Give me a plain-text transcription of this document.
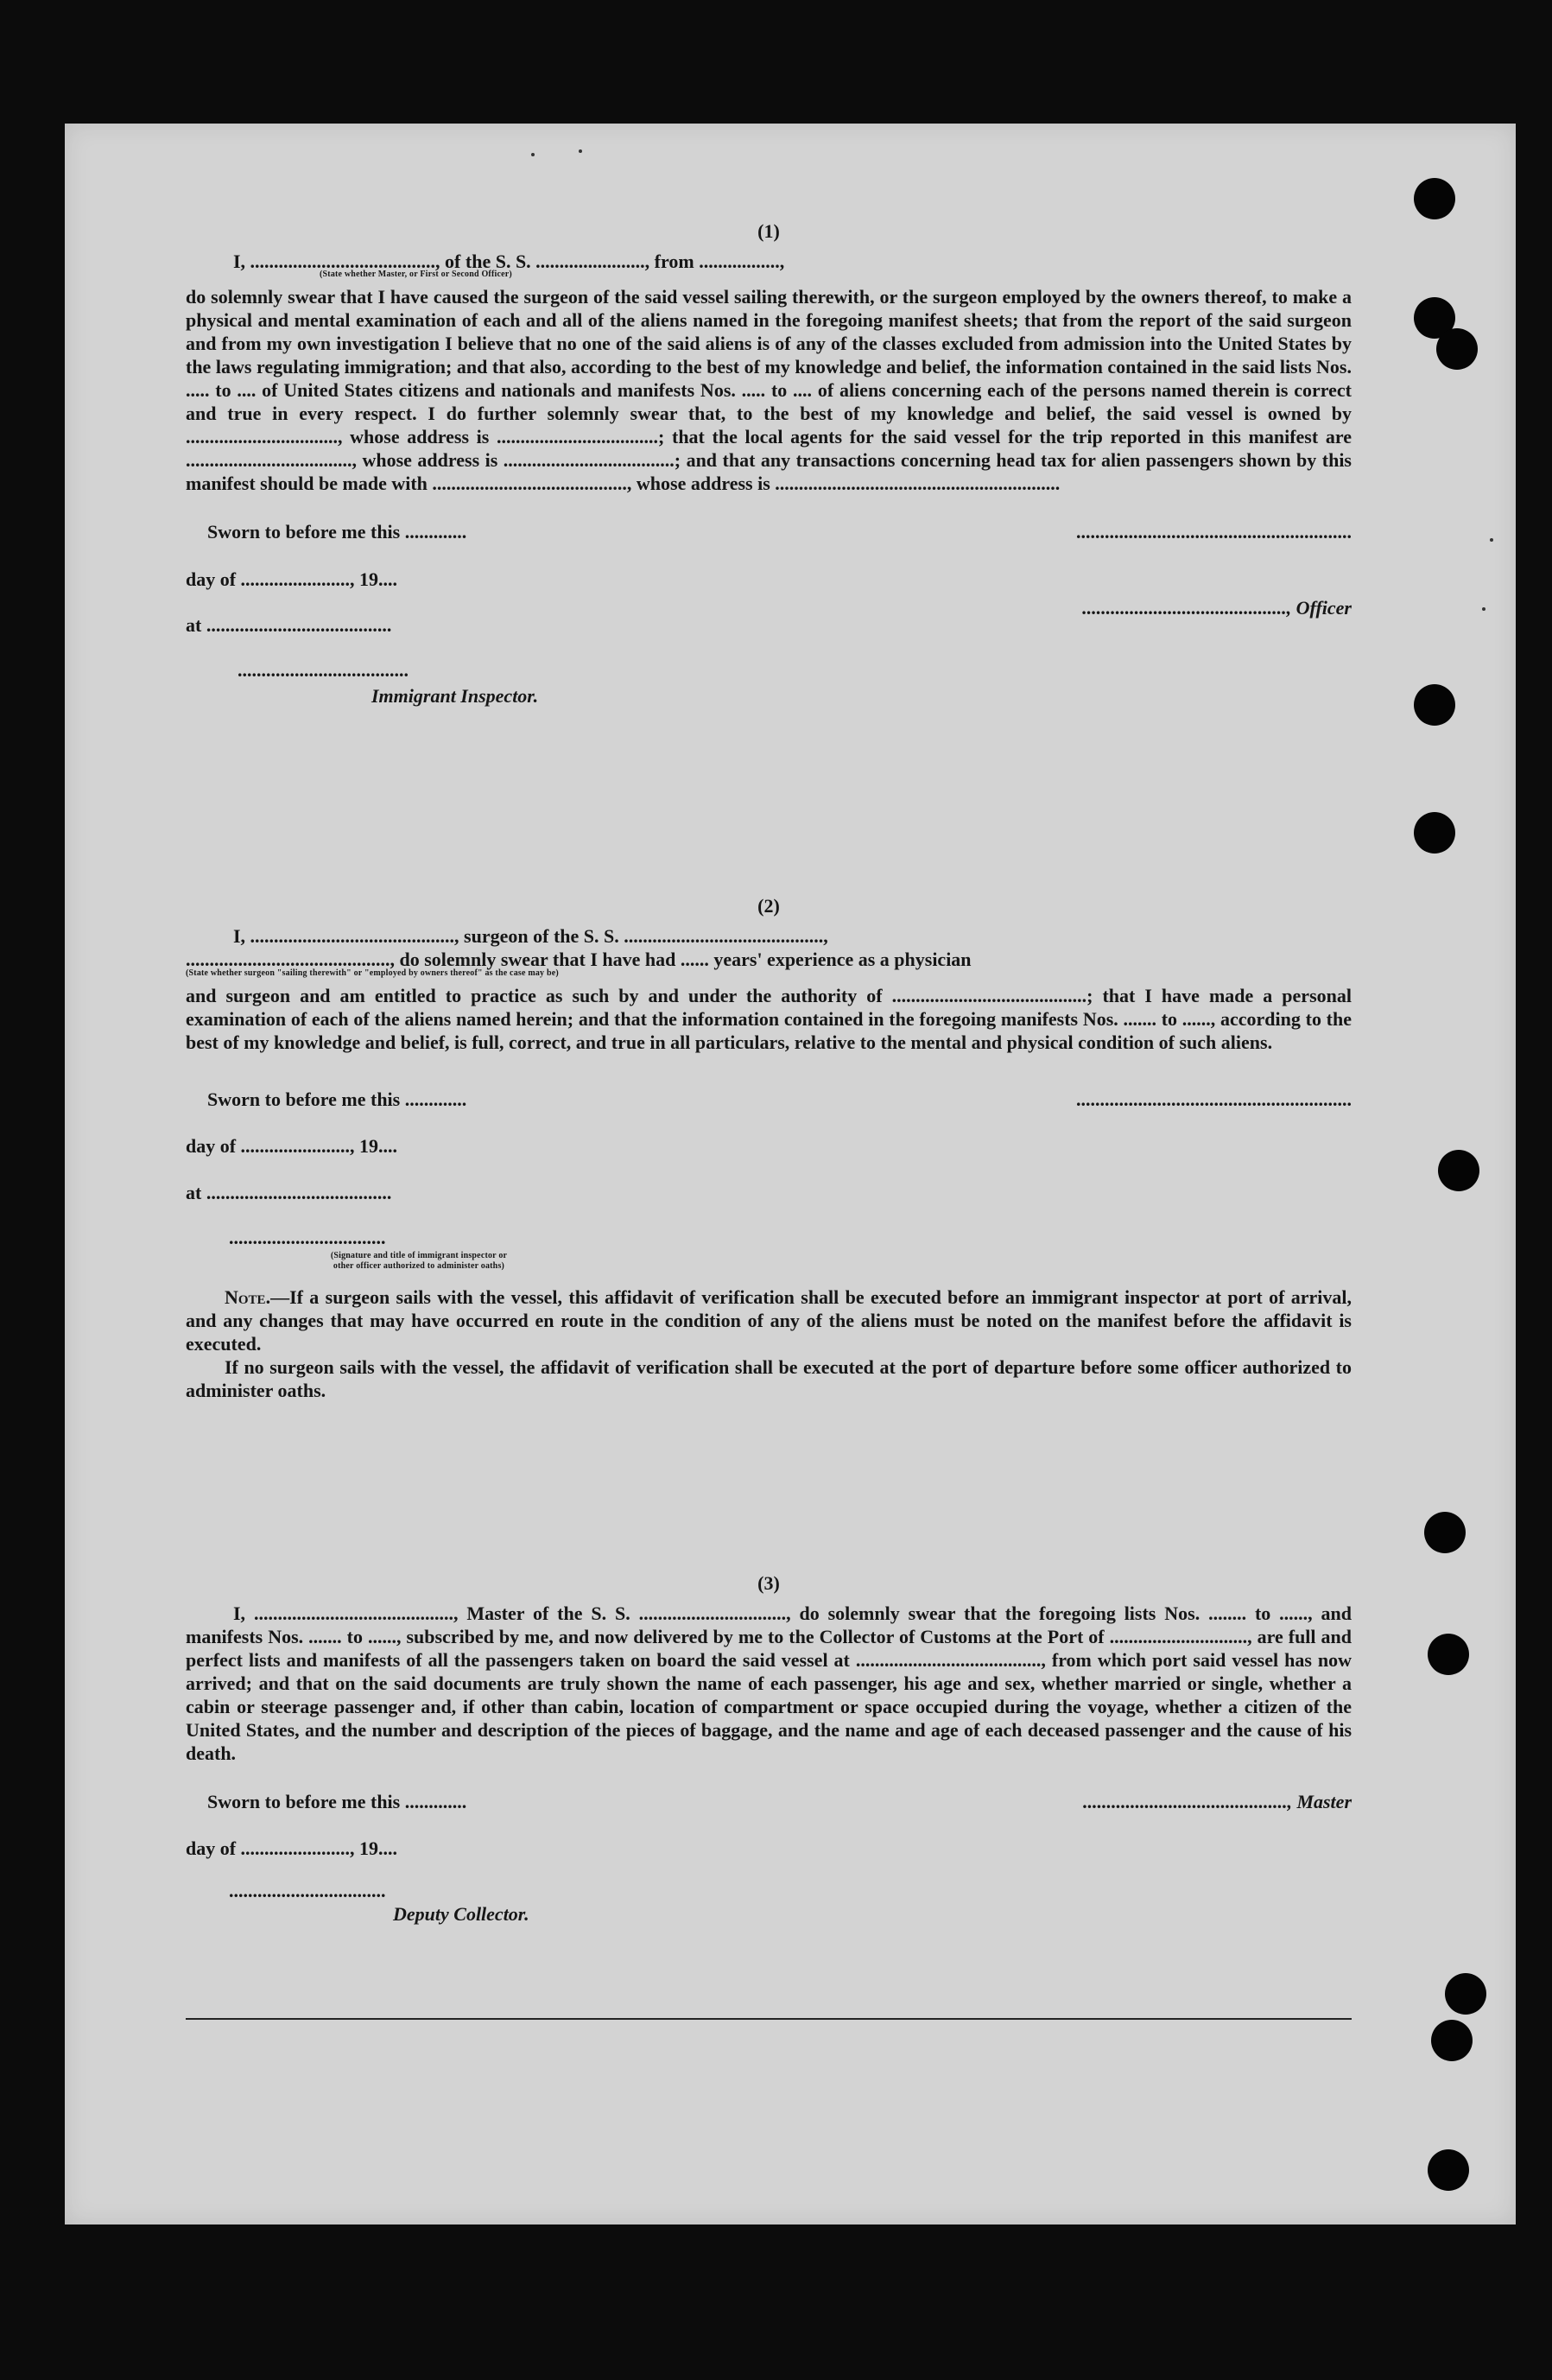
(1)
I, ......................................., of the S. S. ......................., from .................,
(State whether Master, or First or Second Officer)

do solemnly swear that I have caused the surgeon of the said vessel sailing therewith, or the surgeon employed by the owners thereof, to make a physical and mental examination of each and all of the aliens named in the foregoing manifest sheets; that from the report of the said surgeon and from my own investigation I believe that no one of the said aliens is of any of the classes excluded from admission into the United States by the laws regulating immigration; and that also, according to the best of my knowledge and belief, the information contained in the said lists Nos. ..... to .... of United States citizens and nationals and manifests Nos. ..... to .... of aliens concerning each of the persons named therein is correct and true in every respect. I do further solemnly swear that, to the best of my knowledge and belief, the said vessel is owned by ................................, whose address is ..................................; that the local agents for the said vessel for the trip reported in this manifest are ..................................., whose address is ....................................; and that any transactions concerning head tax for alien passengers shown by this manifest should be made with ........................................., whose address is ............................................................

Sworn to before me this .............	..........................................................
day of ......................., 19....
..........................................., Officer
at .......................................
....................................
Immigrant Inspector.
(2)
I, ..........................................., surgeon of the S. S. ..........................................,
..........................................., do solemnly swear that I have had ...... years' experience as a physician
(State whether surgeon "sailing therewith" or "employed by owners thereof" as the case may be)

and surgeon and am entitled to practice as such by and under the authority of .........................................; that I have made a personal examination of each of the aliens named herein; and that the information contained in the foregoing manifests Nos. ....... to ......, according to the best of my knowledge and belief, is full, correct, and true in all particulars, relative to the mental and physical condition of such aliens.

Sworn to before me this .............	..........................................................
day of ......................., 19....
at .......................................
.................................
(Signature and title of immigrant inspector or
other officer authorized to administer oaths)

Note.—If a surgeon sails with the vessel, this affidavit of verification shall be executed before an immigrant inspector at port of arrival, and any changes that may have occurred en route in the condition of any of the aliens must be noted on the manifest before the affidavit is executed.

If no surgeon sails with the vessel, the affidavit of verification shall be executed at the port of departure before some officer authorized to administer oaths.

(3)

I, .........................................., Master of the S. S. ..............................., do solemnly swear that the foregoing lists Nos. ........ to ......, and manifests Nos. ....... to ......, subscribed by me, and now delivered by me to the Collector of Customs at the Port of ............................., are full and perfect lists and manifests of all the passengers taken on board the said vessel at ......................................., from which port said vessel has now arrived; and that on the said documents are truly shown the name of each passenger, his age and sex, whether married or single, whether a cabin or steerage passenger and, if other than cabin, location of compartment or space occupied during the voyage, whether a citizen of the United States, and the number and description of the pieces of baggage, and the name and age of each deceased passenger and the cause of his death.

Sworn to before me this .............	..........................................., Master
day of ......................., 19....
.................................
Deputy Collector.
